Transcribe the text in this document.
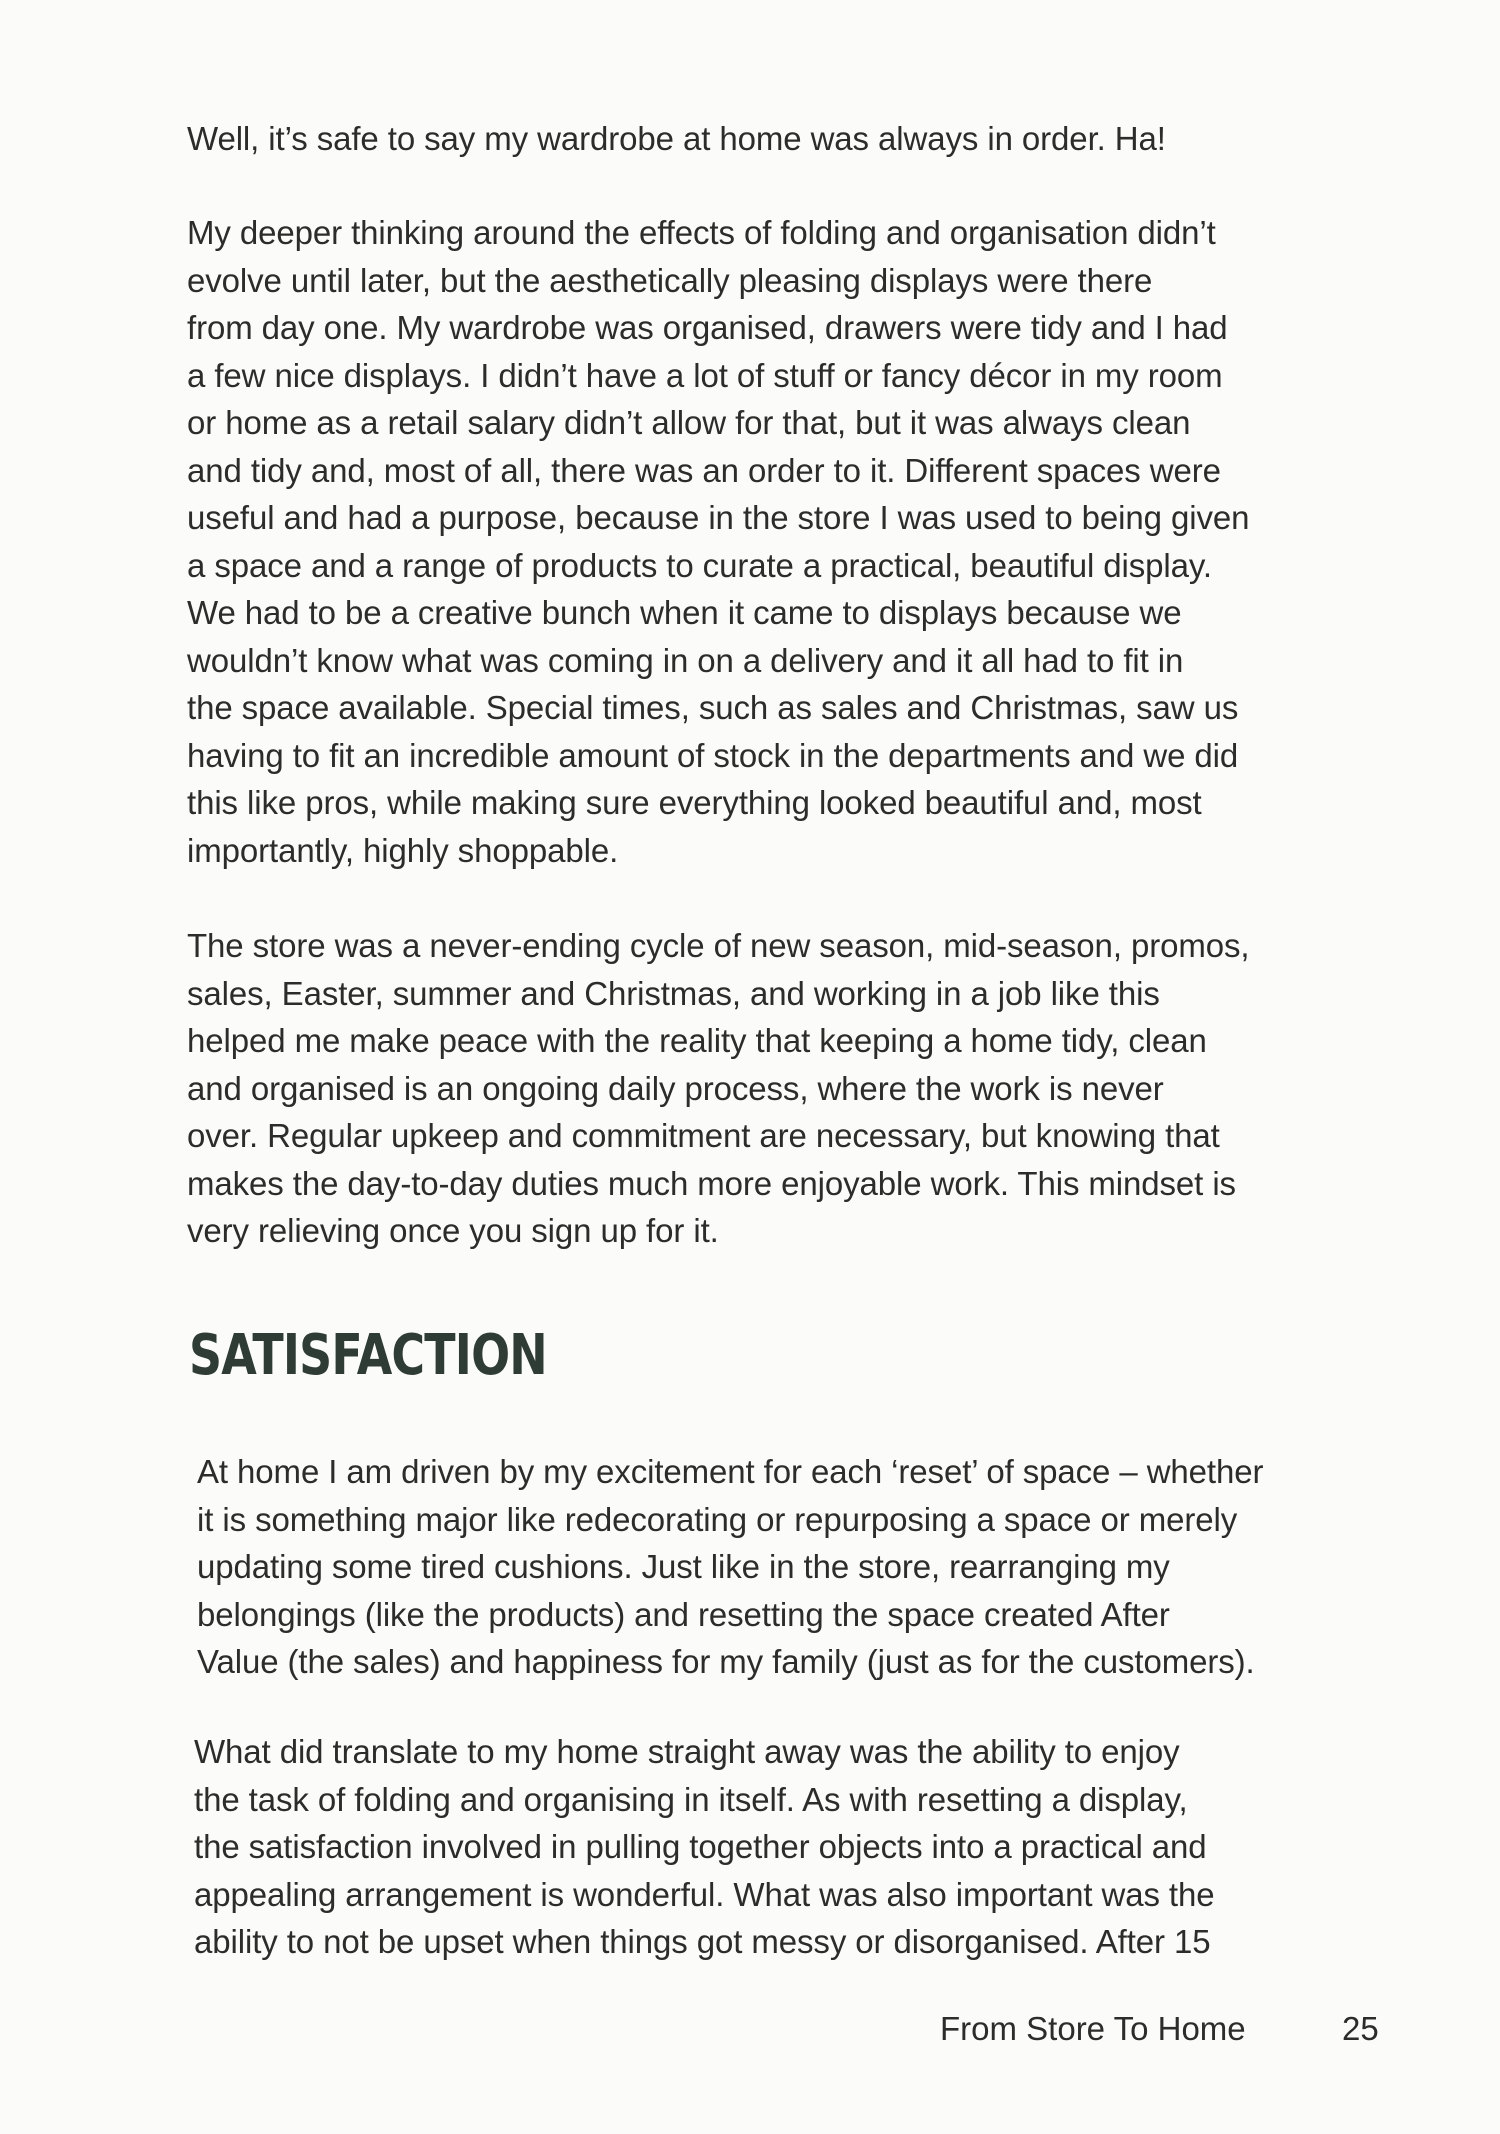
Well, it’s safe to say my wardrobe at home was always in order. Ha!

My deeper thinking around the effects of folding and organisation didn’t
evolve until later, but the aesthetically pleasing displays were there
from day one. My wardrobe was organised, drawers were tidy and I had
a few nice displays. I didn’t have a lot of stuff or fancy décor in my room
or home as a retail salary didn’t allow for that, but it was always clean
and tidy and, most of all, there was an order to it. Different spaces were
useful and had a purpose, because in the store I was used to being given
a space and a range of products to curate a practical, beautiful display.
We had to be a creative bunch when it came to displays because we
wouldn’t know what was coming in on a delivery and it all had to fit in
the space available. Special times, such as sales and Christmas, saw us
having to fit an incredible amount of stock in the departments and we did
this like pros, while making sure everything looked beautiful and, most
importantly, highly shoppable.

The store was a never-ending cycle of new season, mid-season, promos,
sales, Easter, summer and Christmas, and working in a job like this
helped me make peace with the reality that keeping a home tidy, clean
and organised is an ongoing daily process, where the work is never
over. Regular upkeep and commitment are necessary, but knowing that
makes the day-to-day duties much more enjoyable work. This mindset is
very relieving once you sign up for it.

SATISFACTION

At home I am driven by my excitement for each ‘reset’ of space – whether
it is something major like redecorating or repurposing a space or merely
updating some tired cushions. Just like in the store, rearranging my
belongings (like the products) and resetting the space created After
Value (the sales) and happiness for my family (just as for the customers).

What did translate to my home straight away was the ability to enjoy
the task of folding and organising in itself. As with resetting a display,
the satisfaction involved in pulling together objects into a practical and
appealing arrangement is wonderful. What was also important was the
ability to not be upset when things got messy or disorganised. After 15

From Store To Home	25
